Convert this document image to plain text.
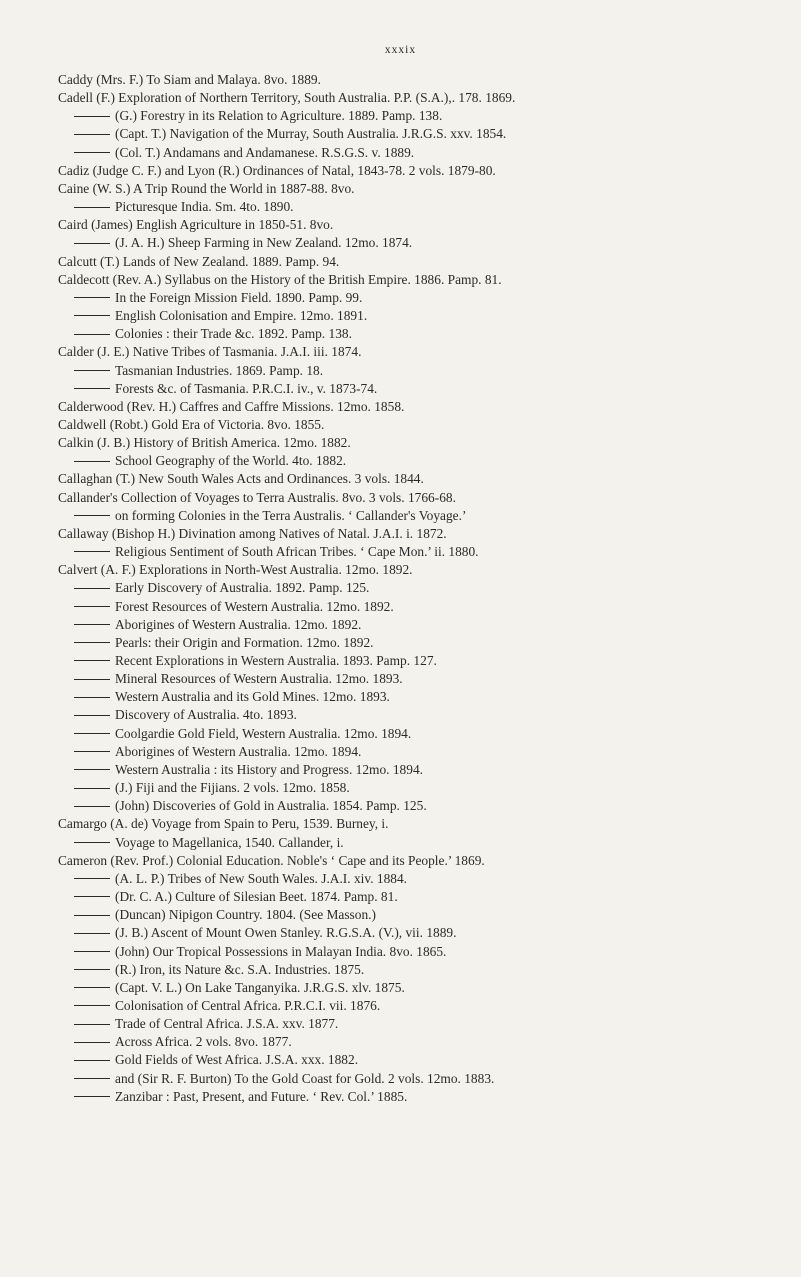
xxxix
Caddy (Mrs. F.) To Siam and Malaya. 8vo. 1889.
Cadell (F.) Exploration of Northern Territory, South Australia. P.P. (S.A.),. 178. 1869.
(G.) Forestry in its Relation to Agriculture. 1889. Pamp. 138.
(Capt. T.) Navigation of the Murray, South Australia. J.R.G.S. xxv. 1854.
(Col. T.) Andamans and Andamanese. R.S.G.S. v. 1889.
Cadiz (Judge C. F.) and Lyon (R.) Ordinances of Natal, 1843-78. 2 vols. 1879-80.
Caine (W. S.) A Trip Round the World in 1887-88. 8vo.
Picturesque India. Sm. 4to. 1890.
Caird (James) English Agriculture in 1850-51. 8vo.
(J. A. H.) Sheep Farming in New Zealand. 12mo. 1874.
Calcutt (T.) Lands of New Zealand. 1889. Pamp. 94.
Caldecott (Rev. A.) Syllabus on the History of the British Empire. 1886. Pamp. 81.
In the Foreign Mission Field. 1890. Pamp. 99.
English Colonisation and Empire. 12mo. 1891.
Colonies : their Trade &c. 1892. Pamp. 138.
Calder (J. E.) Native Tribes of Tasmania. J.A.I. iii. 1874.
Tasmanian Industries. 1869. Pamp. 18.
Forests &c. of Tasmania. P.R.C.I. iv., v. 1873-74.
Calderwood (Rev. H.) Caffres and Caffre Missions. 12mo. 1858.
Caldwell (Robt.) Gold Era of Victoria. 8vo. 1855.
Calkin (J. B.) History of British America. 12mo. 1882.
School Geography of the World. 4to. 1882.
Callaghan (T.) New South Wales Acts and Ordinances. 3 vols. 1844.
Callander's Collection of Voyages to Terra Australis. 8vo. 3 vols. 1766-68.
on forming Colonies in the Terra Australis. ‘ Callander's Voyage.’
Callaway (Bishop H.) Divination among Natives of Natal. J.A.I. i. 1872.
Religious Sentiment of South African Tribes. ‘ Cape Mon.’ ii. 1880.
Calvert (A. F.) Explorations in North-West Australia. 12mo. 1892.
Early Discovery of Australia. 1892. Pamp. 125.
Forest Resources of Western Australia. 12mo. 1892.
Aborigines of Western Australia. 12mo. 1892.
Pearls: their Origin and Formation. 12mo. 1892.
Recent Explorations in Western Australia. 1893. Pamp. 127.
Mineral Resources of Western Australia. 12mo. 1893.
Western Australia and its Gold Mines. 12mo. 1893.
Discovery of Australia. 4to. 1893.
Coolgardie Gold Field, Western Australia. 12mo. 1894.
Aborigines of Western Australia. 12mo. 1894.
Western Australia : its History and Progress. 12mo. 1894.
(J.) Fiji and the Fijians. 2 vols. 12mo. 1858.
(John) Discoveries of Gold in Australia. 1854. Pamp. 125.
Camargo (A. de) Voyage from Spain to Peru, 1539. Burney, i.
Voyage to Magellanica, 1540. Callander, i.
Cameron (Rev. Prof.) Colonial Education. Noble's ‘ Cape and its People.’ 1869.
(A. L. P.) Tribes of New South Wales. J.A.I. xiv. 1884.
(Dr. C. A.) Culture of Silesian Beet. 1874. Pamp. 81.
(Duncan) Nipigon Country. 1804. (See Masson.)
(J. B.) Ascent of Mount Owen Stanley. R.G.S.A. (V.), vii. 1889.
(John) Our Tropical Possessions in Malayan India. 8vo. 1865.
(R.) Iron, its Nature &c. S.A. Industries. 1875.
(Capt. V. L.) On Lake Tanganyika. J.R.G.S. xlv. 1875.
Colonisation of Central Africa. P.R.C.I. vii. 1876.
Trade of Central Africa. J.S.A. xxv. 1877.
Across Africa. 2 vols. 8vo. 1877.
Gold Fields of West Africa. J.S.A. xxx. 1882.
and (Sir R. F. Burton) To the Gold Coast for Gold. 2 vols. 12mo. 1883.
Zanzibar : Past, Present, and Future. ‘ Rev. Col.’ 1885.
